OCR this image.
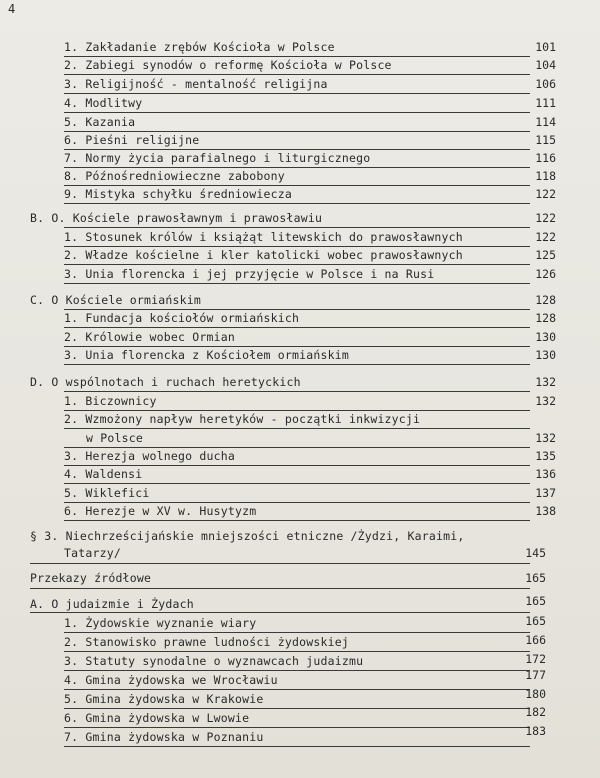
4
1. Zakładanie zrębów Kościoła w Polsce	101
2. Zabiegi synodów o reformę Kościoła w Polsce	104
3. Religijność - mentalność religijna	106
4. Modlitwy	111
5. Kazania	114
6. Pieśni religijne	115
7. Normy życia parafialnego i liturgicznego	116
8. Późnośredniowieczne zabobony	118
9. Mistyka schyłku średniowiecza	122
B. O. Kościele prawosławnym i prawosławiu	122
1. Stosunek królów i książąt litewskich do prawosławnych	122
2. Władze kościelne i kler katolicki wobec prawosławnych	125
3. Unia florencka i jej przyjęcie w Polsce i na Rusi	126
C. O Kościele ormiańskim	128
1. Fundacja kościołów ormiańskich	128
2. Królowie wobec Ormian	130
3. Unia florencka z Kościołem ormiańskim	130
D. O wspólnotach i ruchach heretyckich	132
1. Biczownicy	132
2. Wzmożony napływ heretyków - początki inkwizycji
w Polsce	132
3. Herezja wolnego ducha	135
4. Waldensi	136
5. Wiklefici	137
6. Herezje w XV w. Husytyzm	138
§ 3. Niechrześcijańskie mniejszości etniczne /Żydzi, Karaimi,
Tatarzy/	145
Przekazy źródłowe	165
A. O judaizmie i Żydach	165
1. Żydowskie wyznanie wiary	165
2. Stanowisko prawne ludności żydowskiej	166
3. Statuty synodalne o wyznawcach judaizmu	172
4. Gmina żydowska we Wrocławiu	177
5. Gmina żydowska w Krakowie	180
6. Gmina żydowska w Lwowie	182
7. Gmina żydowska w Poznaniu	183
